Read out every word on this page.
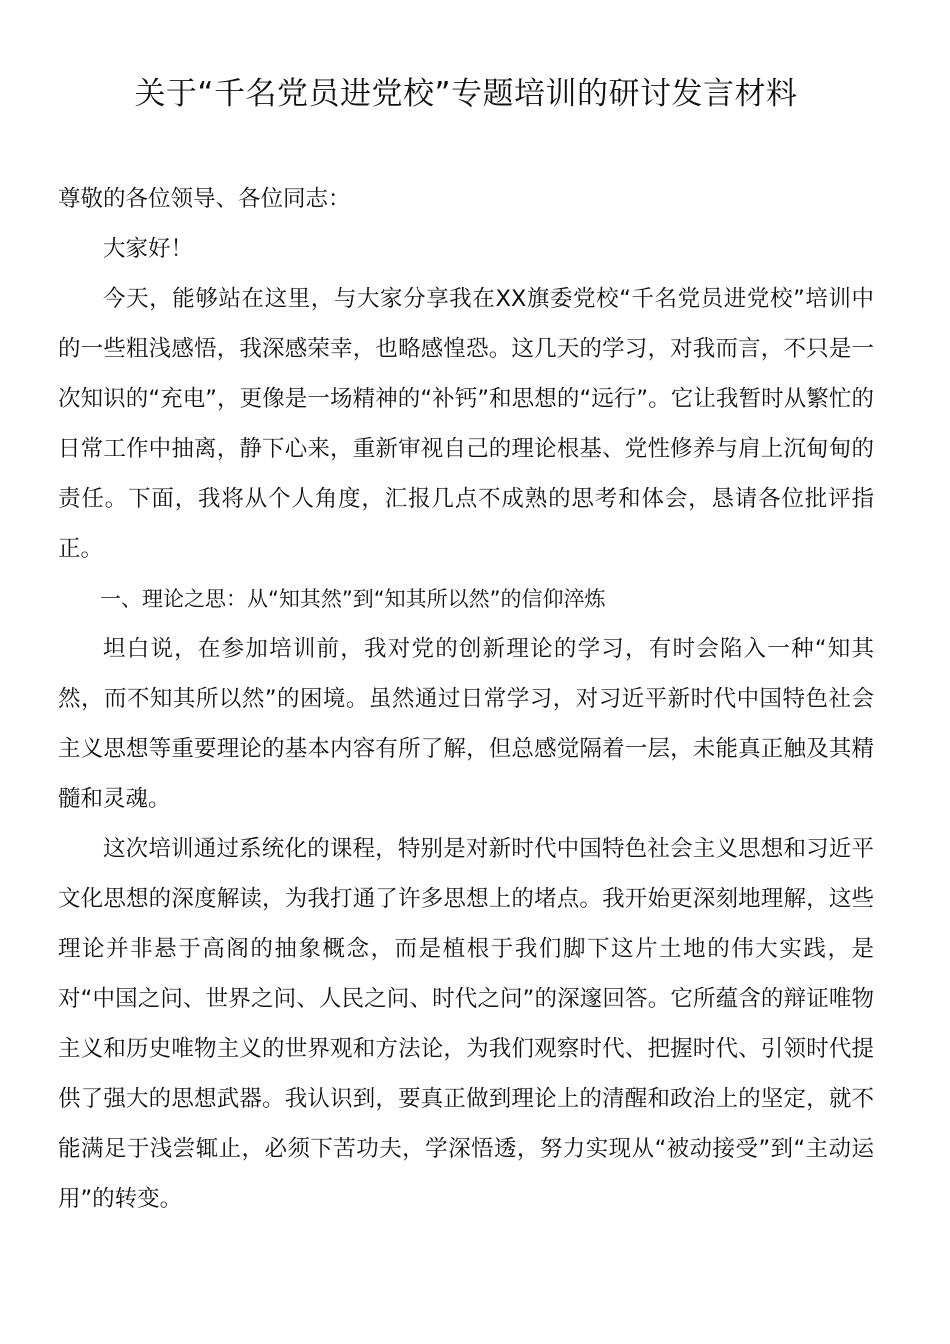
关于“千名党员进党校”专题培训的研讨发言材料

尊敬的各位领导、各位同志：

大家好！

今天，能够站在这里，与大家分享我在XX旗委党校“千名党员进党校”培训中的一些粗浅感悟，我深感荣幸，也略感惶恐。这几天的学习，对我而言，不只是一次知识的“充电”，更像是一场精神的“补钙”和思想的“远行”。它让我暂时从繁忙的日常工作中抽离，静下心来，重新审视自己的理论根基、党性修养与肩上沉甸甸的责任。下面，我将从个人角度，汇报几点不成熟的思考和体会，恳请各位批评指正。

一、理论之思：从“知其然”到“知其所以然”的信仰淬炼

坦白说，在参加培训前，我对党的创新理论的学习，有时会陷入一种“知其然，而不知其所以然”的困境。虽然通过日常学习，对习近平新时代中国特色社会主义思想等重要理论的基本内容有所了解，但总感觉隔着一层，未能真正触及其精髓和灵魂。

这次培训通过系统化的课程，特别是对新时代中国特色社会主义思想和习近平文化思想的深度解读，为我打通了许多思想上的堵点。我开始更深刻地理解，这些理论并非悬于高阁的抽象概念，而是植根于我们脚下这片土地的伟大实践，是对“中国之问、世界之问、人民之问、时代之问”的深邃回答。它所蕴含的辩证唯物主义和历史唯物主义的世界观和方法论，为我们观察时代、把握时代、引领时代提供了强大的思想武器。我认识到，要真正做到理论上的清醒和政治上的坚定，就不能满足于浅尝辄止，必须下苦功夫，学深悟透，努力实现从“被动接受”到“主动运用”的转变。
